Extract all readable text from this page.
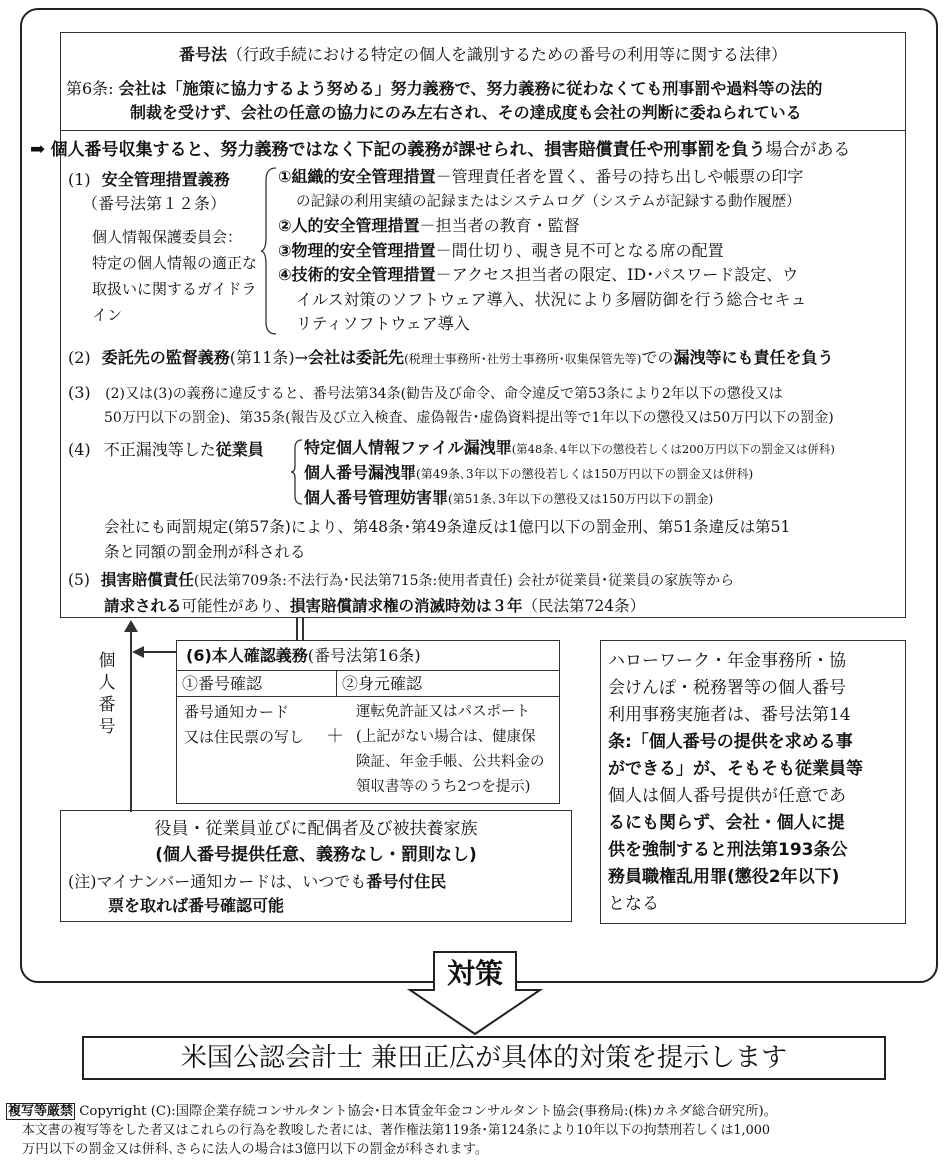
番号法（行政手続における特定の個人を識別するための番号の利用等に関する法律）
第6条: 会社は「施策に協力するよう努める」努力義務で、努力義務に従わなくても刑事罰や過料等の法的
制裁を受けず、会社の任意の協力にのみ左右され、その達成度も会社の判断に委ねられている
➡ 個人番号収集すると、努力義務ではなく下記の義務が課せられ、損害賠償責任や刑事罰を負う場合がある
(1) 安全管理措置義務
（番号法第１２条）
個人情報保護委員会：
特定の個人情報の適正な
取扱いに関するガイドラ
イン
①組織的安全管理措置－管理責任者を置く、番号の持ち出しや帳票の印字
の記録の利用実績の記録またはシステムログ（システムが記録する動作履歴）
②人的安全管理措置－担当者の教育・監督
③物理的安全管理措置－間仕切り、覗き見不可となる席の配置
④技術的安全管理措置－アクセス担当者の限定、ID･パスワード設定、ウ
イルス対策のソフトウェア導入、状況により多層防御を行う総合セキュ
リティソフトウェア導入
(2) 委託先の監督義務(第11条)→会社は委託先(税理士事務所･社労士事務所･収集保管先等)での漏洩等にも責任を負う
(3) (2)又は(3)の義務に違反すると、番号法第34条(勧告及び命令、命令違反で第53条により2年以下の懲役又は
50万円以下の罰金)、第35条(報告及び立入検査、虚偽報告･虚偽資料提出等で1年以下の懲役又は50万円以下の罰金)
(4) 不正漏洩等した従業員	特定個人情報ファイル漏洩罪(第48条､4年以下の懲役若しくは200万円以下の罰金又は併科)
個人番号漏洩罪(第49条､3年以下の懲役若しくは150万円以下の罰金又は併科)
個人番号管理妨害罪(第51条､3年以下の懲役又は150万円以下の罰金)
会社にも両罰規定(第57条)により、第48条･第49条違反は1億円以下の罰金刑、第51条違反は第51
条と同額の罰金刑が科される
(5) 損害賠償責任(民法第709条:不法行為･民法第715条:使用者責任) 会社が従業員･従業員の家族等から
請求される可能性があり、損害賠償請求権の消滅時効は３年（民法第724条）
個人番号
(6)本人確認義務(番号法第16条)
①番号確認	②身元確認
番号通知カード
又は住民票の写し ＋
運転免許証又はパスポート
(上記がない場合は、健康保
険証、年金手帳、公共料金の
領収書等のうち2つを提示)
役員・従業員並びに配偶者及び被扶養家族
(個人番号提供任意、義務なし・罰則なし)
(注)マイナンバー通知カードは、いつでも番号付住民
票を取れば番号確認可能
ハローワーク・年金事務所・協
会けんぽ・税務署等の個人番号
利用事務実施者は、番号法第14
条:「個人番号の提供を求める事
ができる」が、そもそも従業員等
個人は個人番号提供が任意であ
るにも関らず、会社・個人に提
供を強制すると刑法第193条公
務員職権乱用罪(懲役2年以下)
となる
対策
米国公認会計士 兼田正広が具体的対策を提示します
複写等厳禁 Copyright (C):国際企業存続コンサルタント協会･日本賃金年金コンサルタント協会(事務局:(株)カネダ総合研究所)。
本文書の複写等をした者又はこれらの行為を教唆した者には、著作権法第119条･第124条により10年以下の拘禁刑若しくは1,000
万円以下の罰金又は併科､さらに法人の場合は3億円以下の罰金が科されます。
